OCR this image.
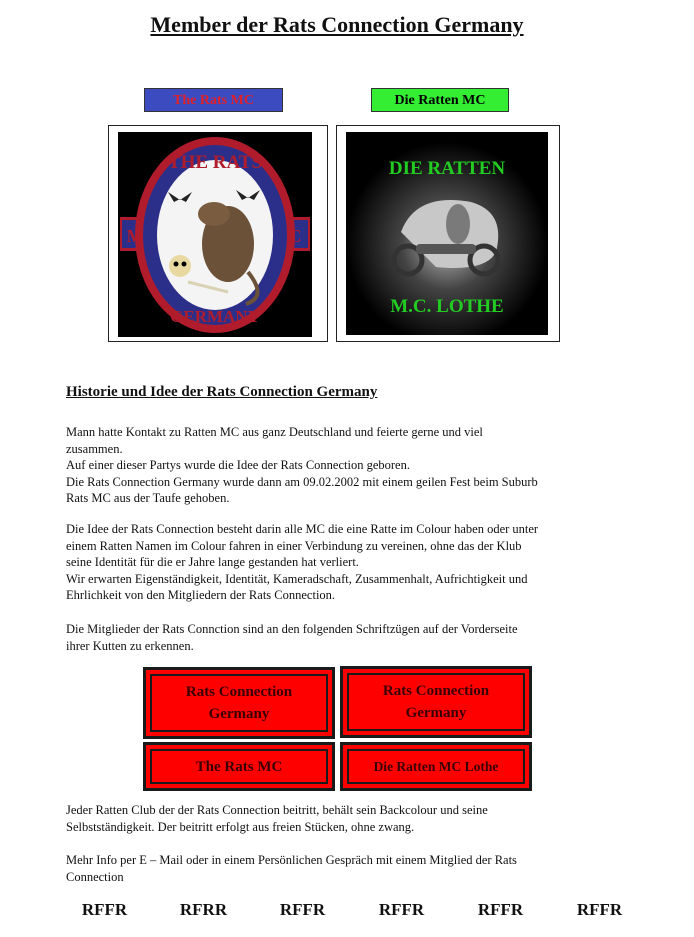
Member der Rats Connection Germany
The Rats MC	Die Ratten MC
THE RATS
GERMANY
M	C
DIE RATTEN
M.C. LOTHE
Historie und Idee der Rats Connection Germany

Mann hatte Kontakt zu Ratten MC aus ganz Deutschland und feierte gerne und viel
zusammen.
Auf einer dieser Partys wurde die Idee der Rats Connection geboren.
Die Rats Connection Germany wurde dann am 09.02.2002 mit einem geilen Fest beim Suburb
Rats MC aus der Taufe gehoben.

Die Idee der Rats Connection besteht darin alle MC die eine Ratte im Colour haben oder unter
einem Ratten Namen im Colour fahren in einer Verbindung zu vereinen, ohne das der Klub
seine Identität für die er Jahre lange gestanden hat verliert.
Wir erwarten Eigenständigkeit, Identität, Kameradschaft, Zusammenhalt, Aufrichtigkeit und
Ehrlichkeit von den Mitgliedern der Rats Connection.

Die Mitglieder der Rats Connction sind an den folgenden Schriftzügen auf der Vorderseite
ihrer Kutten zu erkennen.

Rats Connection
Germany
Rats Connection
Germany
The Rats MC	Die Ratten MC Lothe

Jeder Ratten Club der der Rats Connection beitritt, behält sein Backcolour und seine
Selbstständigkeit. Der beitritt erfolgt aus freien Stücken, ohne zwang.

Mehr Info per E – Mail oder in einem Persönlichen Gespräch mit einem Mitglied der Rats
Connection

RFFR	RFRR	RFFR	RFFR	RFFR	RFFR
